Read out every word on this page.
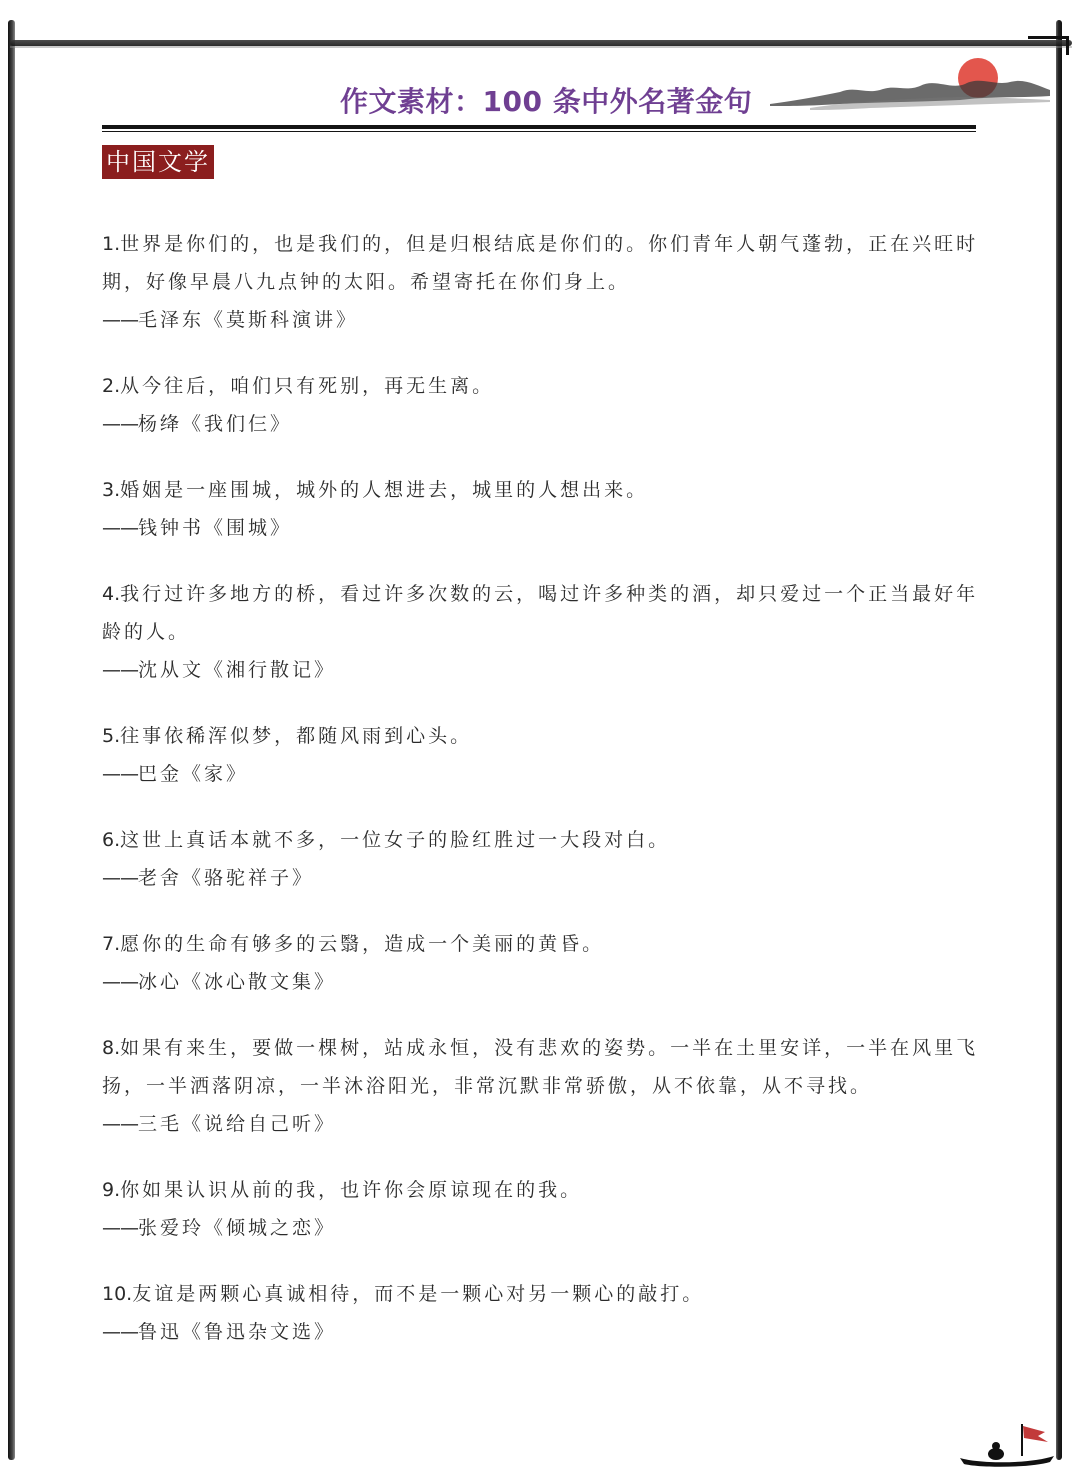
作文素材：100 条中外名著金句
中国文学
1.世界是你们的，也是我们的，但是归根结底是你们的。你们青年人朝气蓬勃，正在兴旺时期，好像早晨八九点钟的太阳。希望寄托在你们身上。
——毛泽东《莫斯科演讲》
2.从今往后，咱们只有死别，再无生离。
——杨绛《我们仨》
3.婚姻是一座围城，城外的人想进去，城里的人想出来。
——钱钟书《围城》
4.我行过许多地方的桥，看过许多次数的云，喝过许多种类的酒，却只爱过一个正当最好年龄的人。
——沈从文《湘行散记》
5.往事依稀浑似梦，都随风雨到心头。
——巴金《家》
6.这世上真话本就不多，一位女子的脸红胜过一大段对白。
——老舍《骆驼祥子》
7.愿你的生命有够多的云翳，造成一个美丽的黄昏。
——冰心《冰心散文集》
8.如果有来生，要做一棵树，站成永恒，没有悲欢的姿势。一半在土里安详，一半在风里飞扬，一半洒落阴凉，一半沐浴阳光，非常沉默非常骄傲，从不依靠，从不寻找。
——三毛《说给自己听》
9.你如果认识从前的我，也许你会原谅现在的我。
——张爱玲《倾城之恋》
10.友谊是两颗心真诚相待，而不是一颗心对另一颗心的敲打。
——鲁迅《鲁迅杂文选》
